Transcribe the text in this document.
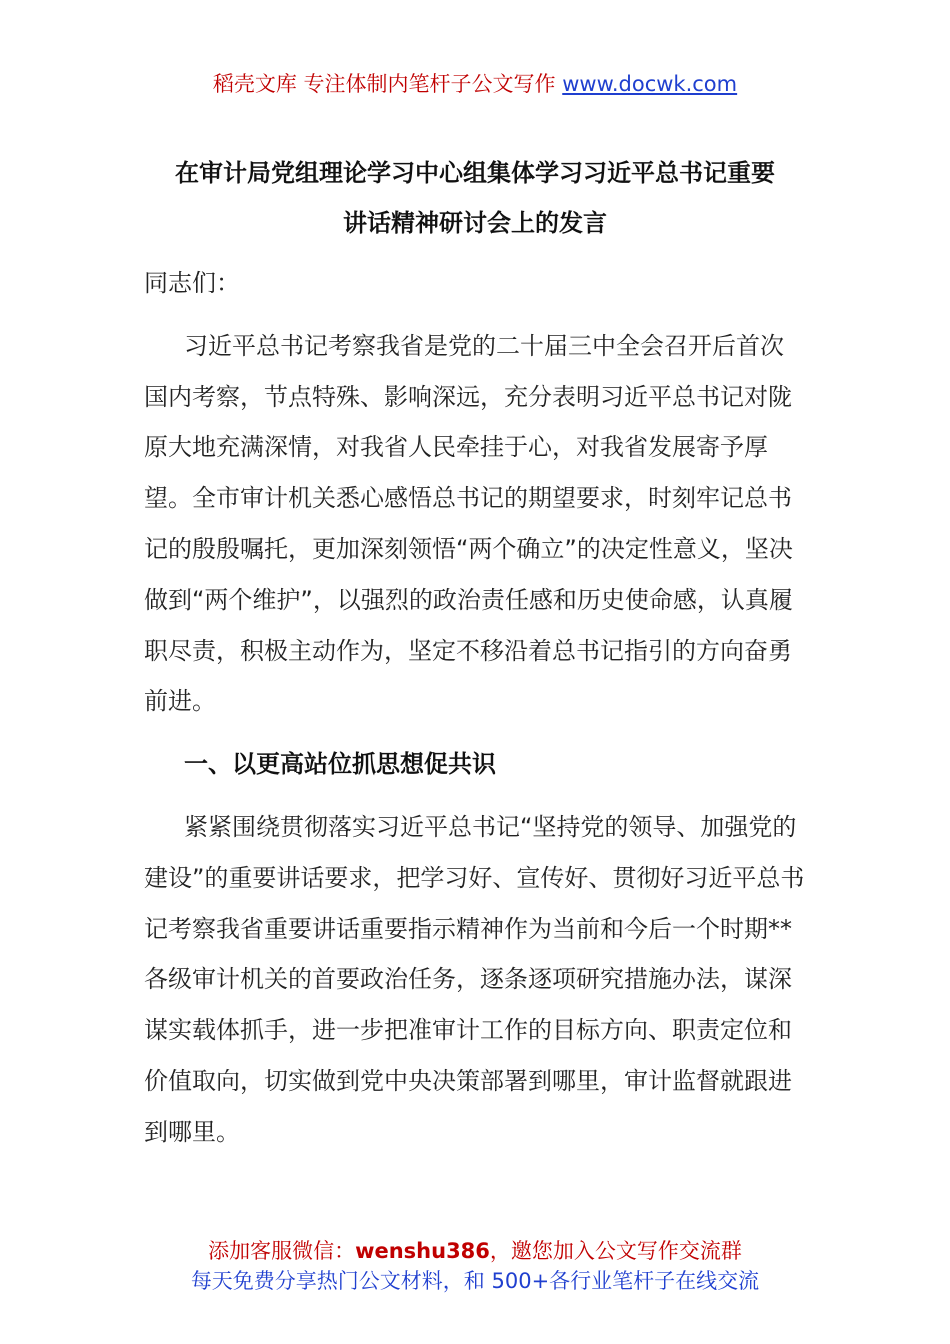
稻壳文库 专注体制内笔杆子公文写作 www.docwk.com
在审计局党组理论学习中心组集体学习习近平总书记重要
讲话精神研讨会上的发言

同志们：

习近平总书记考察我省是党的二十届三中全会召开后首次国内考察，节点特殊、影响深远，充分表明习近平总书记对陇原大地充满深情，对我省人民牵挂于心，对我省发展寄予厚望。全市审计机关悉心感悟总书记的期望要求，时刻牢记总书记的殷殷嘱托，更加深刻领悟“两个确立”的决定性意义，坚决做到“两个维护”，以强烈的政治责任感和历史使命感，认真履职尽责，积极主动作为，坚定不移沿着总书记指引的方向奋勇前进。

一、以更高站位抓思想促共识

紧紧围绕贯彻落实习近平总书记“坚持党的领导、加强党的建设”的重要讲话要求，把学习好、宣传好、贯彻好习近平总书记考察我省重要讲话重要指示精神作为当前和今后一个时期**各级审计机关的首要政治任务，逐条逐项研究措施办法，谋深谋实载体抓手，进一步把准审计工作的目标方向、职责定位和价值取向，切实做到党中央决策部署到哪里，审计监督就跟进到哪里。

添加客服微信：wenshu386，邀您加入公文写作交流群
每天免费分享热门公文材料，和 500+各行业笔杆子在线交流
